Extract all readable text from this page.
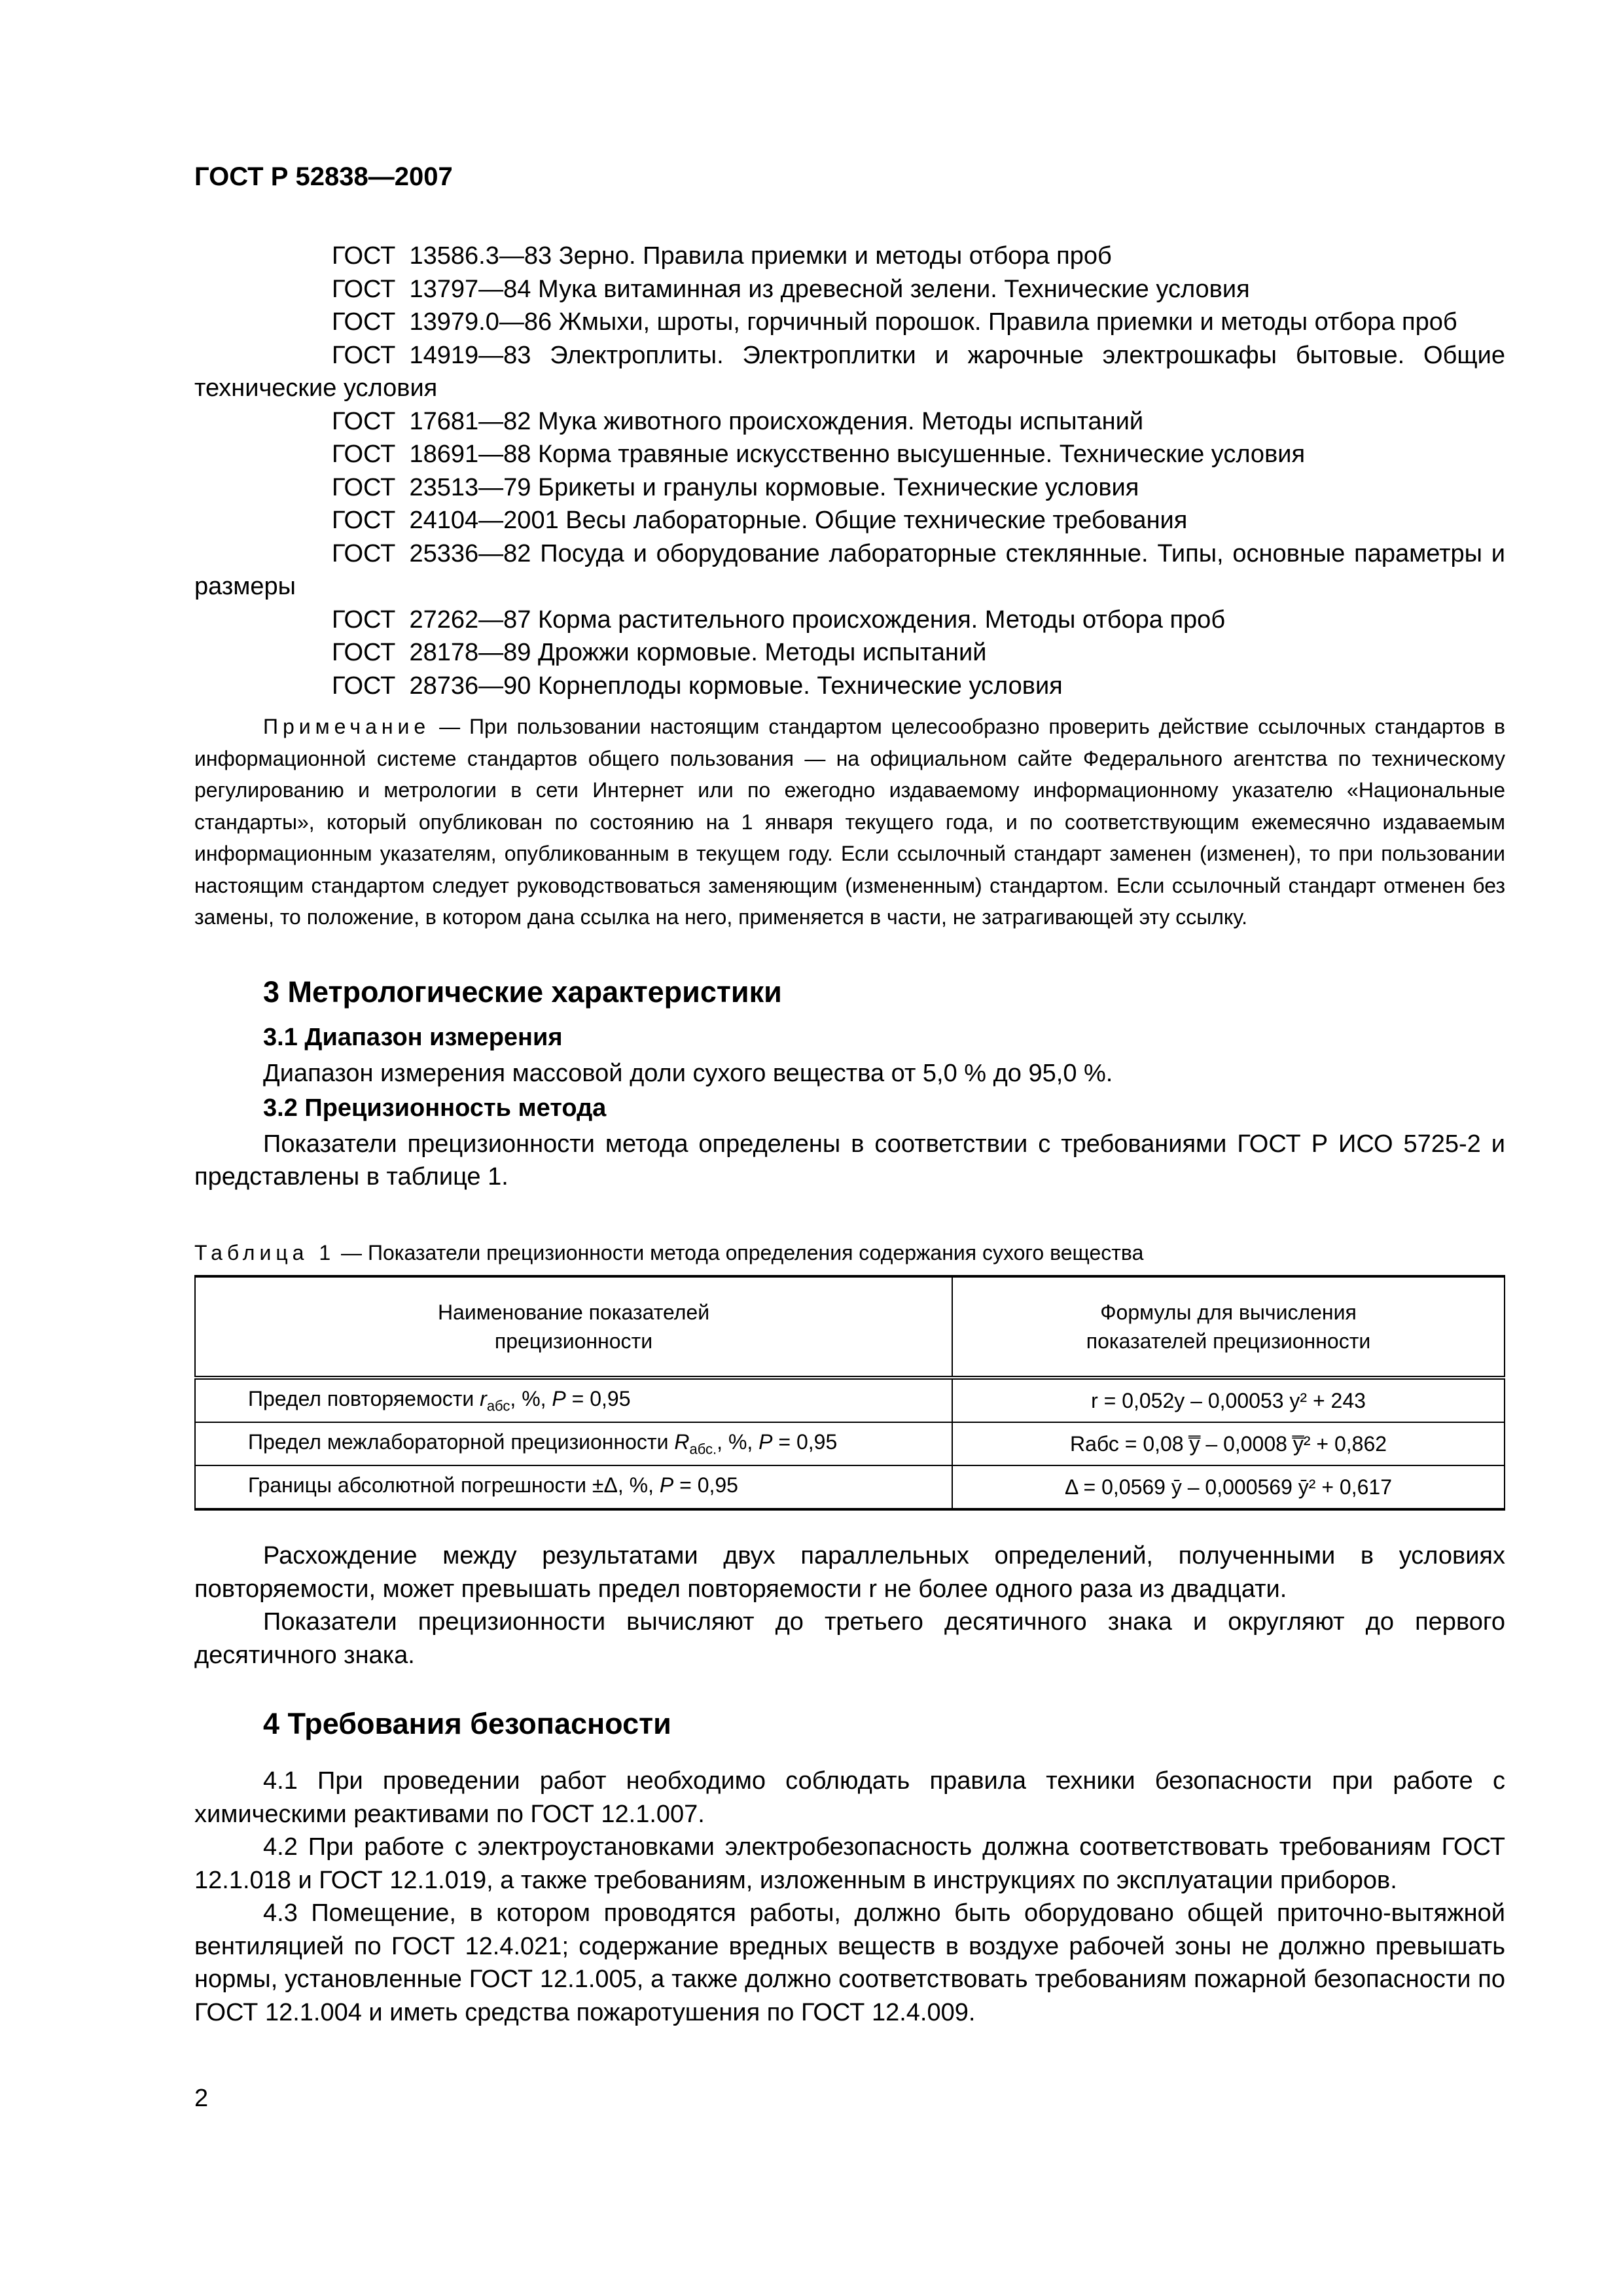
ГОСТ Р 52838—2007

ГОСТ  13586.3—83 Зерно. Правила приемки и методы отбора проб

ГОСТ  13797—84 Мука витаминная из древесной зелени. Технические условия

ГОСТ  13979.0—86 Жмыхи, шроты, горчичный порошок. Правила приемки и методы отбора проб

ГОСТ  14919—83 Электроплиты. Электроплитки и жарочные электрошкафы бытовые. Общие технические условия

ГОСТ  17681—82 Мука животного происхождения. Методы испытаний

ГОСТ  18691—88 Корма травяные искусственно высушенные. Технические условия

ГОСТ  23513—79 Брикеты и гранулы кормовые. Технические условия

ГОСТ  24104—2001 Весы лабораторные. Общие технические требования

ГОСТ  25336—82 Посуда и оборудование лабораторные стеклянные. Типы, основные параметры и размеры

ГОСТ  27262—87 Корма растительного происхождения. Методы отбора проб

ГОСТ  28178—89 Дрожжи кормовые. Методы испытаний

ГОСТ  28736—90 Корнеплоды кормовые. Технические условия

Примечание — При пользовании настоящим стандартом целесообразно проверить действие ссылочных стандартов в информационной системе стандартов общего пользования — на официальном сайте Федерального агентства по техническому регулированию и метрологии в сети Интернет или по ежегодно издаваемому информационному указателю «Национальные стандарты», который опубликован по состоянию на 1 января текущего года, и по соответствующим ежемесячно издаваемым информационным указателям, опубликованным в текущем году. Если ссылочный стандарт заменен (изменен), то при пользовании настоящим стандартом следует руководствоваться заменяющим (измененным) стандартом. Если ссылочный стандарт отменен без замены, то положение, в котором дана ссылка на него, применяется в части, не затрагивающей эту ссылку.
3 Метрологические характеристики
3.1 Диапазон измерения

Диапазон измерения массовой доли сухого вещества от 5,0 % до 95,0 %.

3.2 Прецизионность метода

Показатели прецизионности метода определены в соответствии с требованиями ГОСТ Р ИСО 5725-2 и представлены в таблице 1.

Таблица 1 — Показатели прецизионности метода определения содержания сухого вещества
Наименование показателей прецизионности	Формулы для вычисления показателей прецизионности
Предел повторяемости $r_{абс}$, %, P = 0,95	r = 0,052y – 0,00053 y² + 243
Предел межлабораторной прецизионности $R_{абс.}$, %, P = 0,95	Rабс = 0,08 y̿ – 0,0008 y̿² + 0,862
Границы абсолютной погрешности ±Δ, %, P = 0,95	Δ = 0,0569 ȳ – 0,000569 ȳ² + 0,617

Расхождение между результатами двух параллельных определений, полученными в условиях повторяемости, может превышать предел повторяемости r не более одного раза из двадцати.

Показатели прецизионности вычисляют до третьего десятичного знака и округляют до первого десятичного знака.

4 Требования безопасности

4.1 При проведении работ необходимо соблюдать правила техники безопасности при работе с химическими реактивами по ГОСТ 12.1.007.

4.2 При работе с электроустановками электробезопасность должна соответствовать требованиям ГОСТ 12.1.018 и ГОСТ 12.1.019, а также требованиям, изложенным в инструкциях по эксплуатации приборов.

4.3 Помещение, в котором проводятся работы, должно быть оборудовано общей приточно-вытяжной вентиляцией по ГОСТ 12.4.021; содержание вредных веществ в воздухе рабочей зоны не должно превышать нормы, установленные ГОСТ 12.1.005, а также должно соответствовать требованиям пожарной безопасности по ГОСТ 12.1.004 и иметь средства пожаротушения по ГОСТ 12.4.009.

2
